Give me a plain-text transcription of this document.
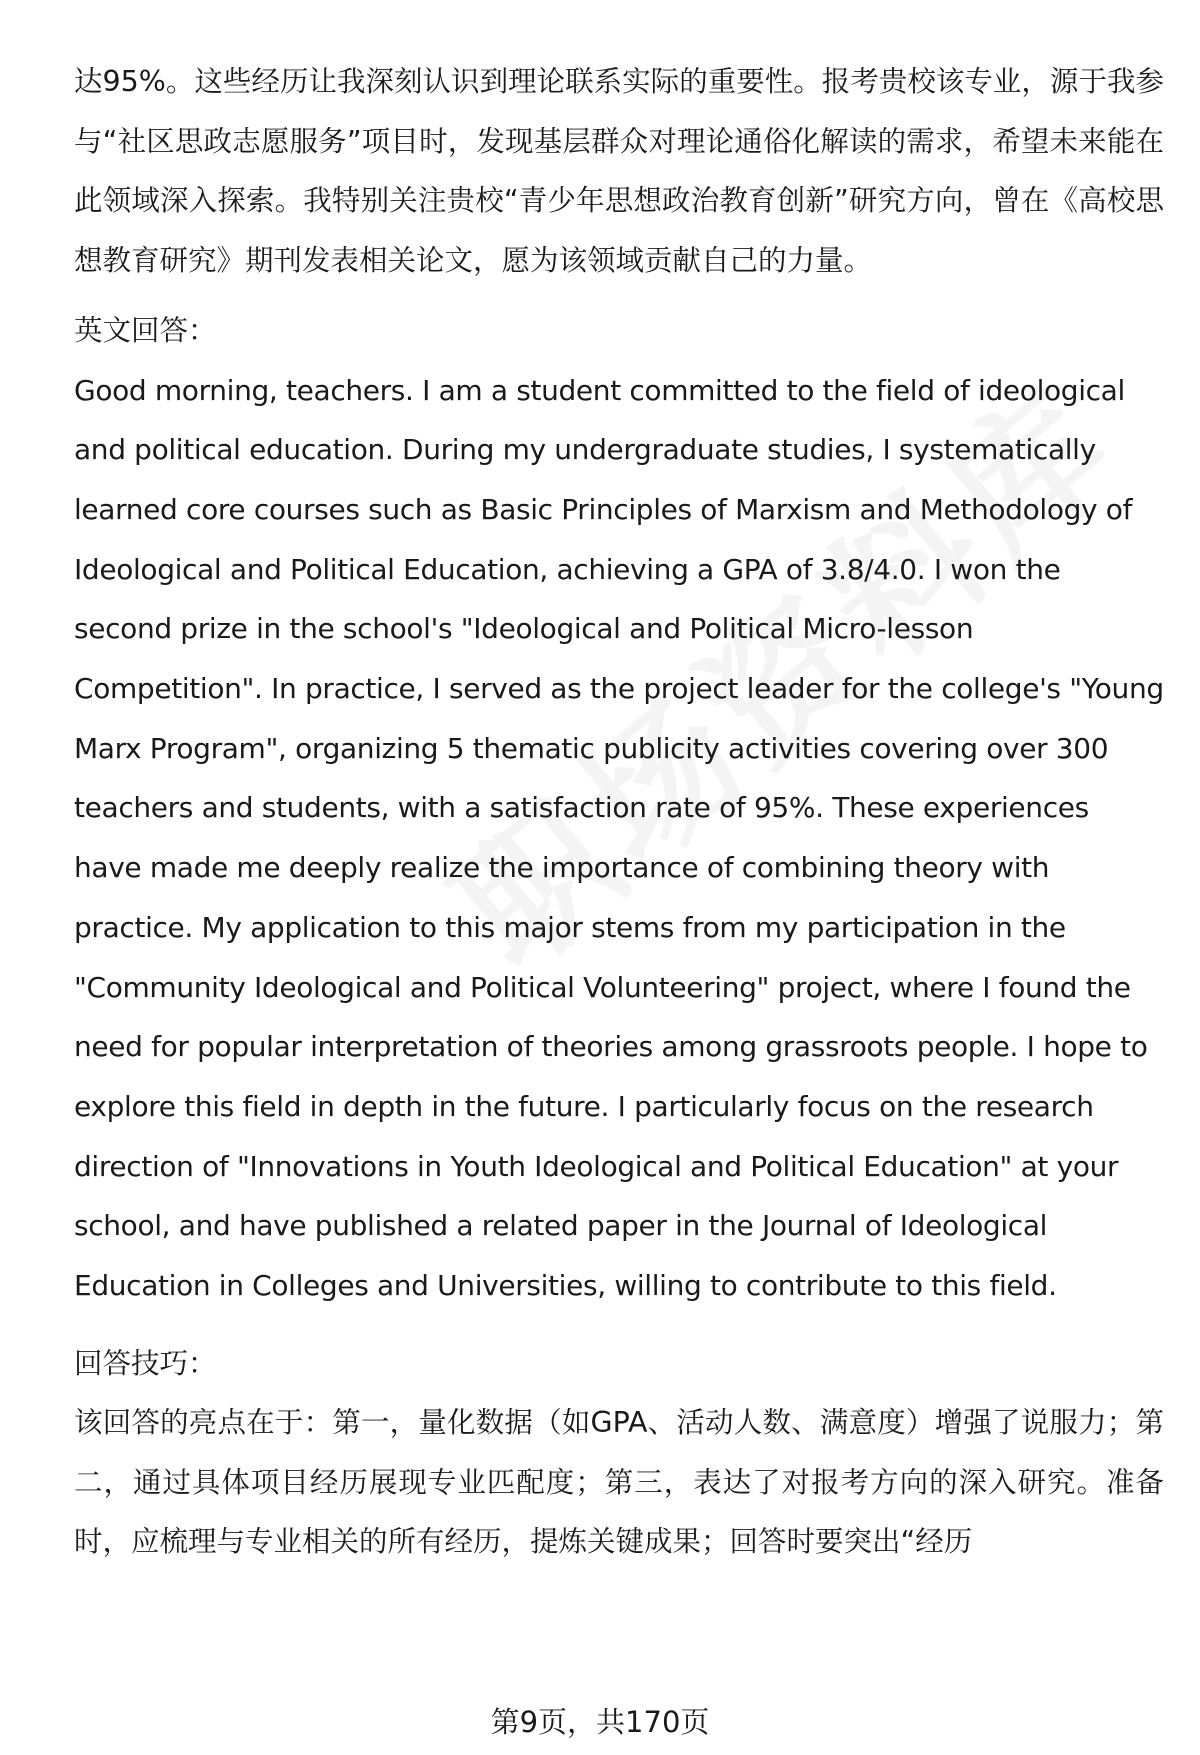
达95%。这些经历让我深刻认识到理论联系实际的重要性。报考贵校该专业，源于我参与“社区思政志愿服务”项目时，发现基层群众对理论通俗化解读的需求，希望未来能在此领域深入探索。我特别关注贵校“青少年思想政治教育创新”研究方向，曾在《高校思想教育研究》期刊发表相关论文，愿为该领域贡献自己的力量。

英文回答：

Good morning, teachers. I am a student committed to the field of ideological and political education. During my undergraduate studies, I systematically learned core courses such as Basic Principles of Marxism and Methodology of Ideological and Political Education, achieving a GPA of 3.8/4.0. I won the second prize in the school's "Ideological and Political Micro-lesson Competition". In practice, I served as the project leader for the college's "Young Marx Program", organizing 5 thematic publicity activities covering over 300 teachers and students, with a satisfaction rate of 95%. These experiences have made me deeply realize the importance of combining theory with practice. My application to this major stems from my participation in the "Community Ideological and Political Volunteering" project, where I found the need for popular interpretation of theories among grassroots people. I hope to explore this field in depth in the future. I particularly focus on the research direction of "Innovations in Youth Ideological and Political Education" at your school, and have published a related paper in the Journal of Ideological Education in Colleges and Universities, willing to contribute to this field.

回答技巧：

该回答的亮点在于：第一，量化数据（如GPA、活动人数、满意度）增强了说服力；第二，通过具体项目经历展现专业匹配度；第三，表达了对报考方向的深入研究。准备时，应梳理与专业相关的所有经历，提炼关键成果；回答时要突出“经历

第9页，共170页
